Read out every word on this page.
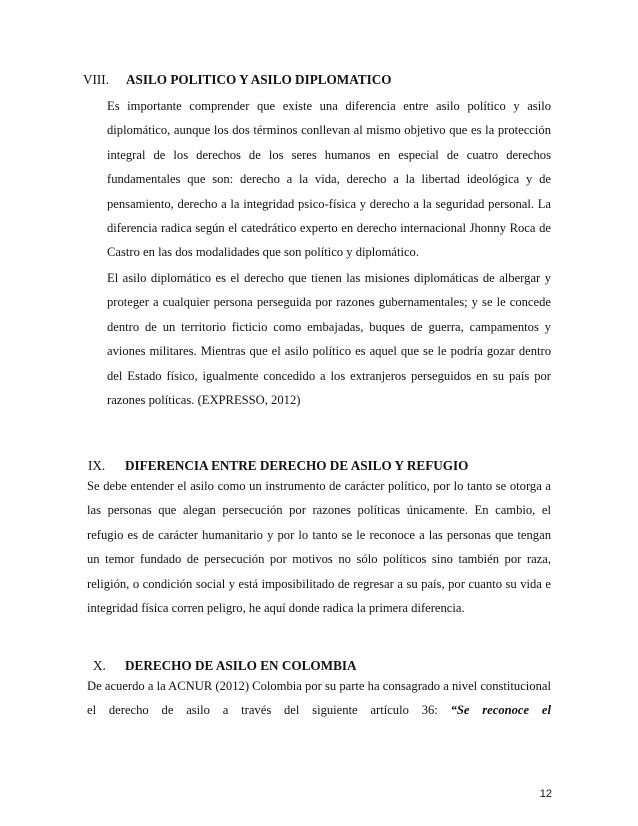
VIII. ASILO POLITICO Y ASILO DIPLOMATICO

Es importante comprender que existe una diferencia entre asilo político y asilo diplomático, aunque los dos términos conllevan al mismo objetivo que es la protección integral de los derechos de los seres humanos en especial de cuatro derechos fundamentales que son: derecho a la vida, derecho a la libertad ideológica y de pensamiento, derecho a la integridad psico-física y derecho a la seguridad personal. La diferencia radica según el catedrático experto en derecho internacional Jhonny Roca de Castro en las dos modalidades que son político y diplomático.

El asilo diplomático es el derecho que tienen las misiones diplomáticas de albergar y proteger a cualquier persona perseguida por razones gubernamentales; y se le concede dentro de un territorio ficticio como embajadas, buques de guerra, campamentos y aviones militares. Mientras que el asilo político es aquel que se le podría gozar dentro del Estado físico, igualmente concedido a los extranjeros perseguidos en su país por razones políticas. (EXPRESSO, 2012)

IX. DIFERENCIA ENTRE DERECHO DE ASILO Y REFUGIO

Se debe entender el asilo como un instrumento de carácter político, por lo tanto se otorga a las personas que alegan persecución por razones políticas únicamente. En cambio, el refugio es de carácter humanitario y por lo tanto se le reconoce a las personas que tengan un temor fundado de persecución por motivos no sólo políticos sino también por raza, religión, o condición social y está imposibilitado de regresar a su país, por cuanto su vida e integridad física corren peligro, he aquí donde radica la primera diferencia.

X. DERECHO DE ASILO EN COLOMBIA

De acuerdo a la ACNUR (2012) Colombia por su parte ha consagrado a nivel constitucional el derecho de asilo a través del siguiente artículo 36: “Se reconoce el

12
